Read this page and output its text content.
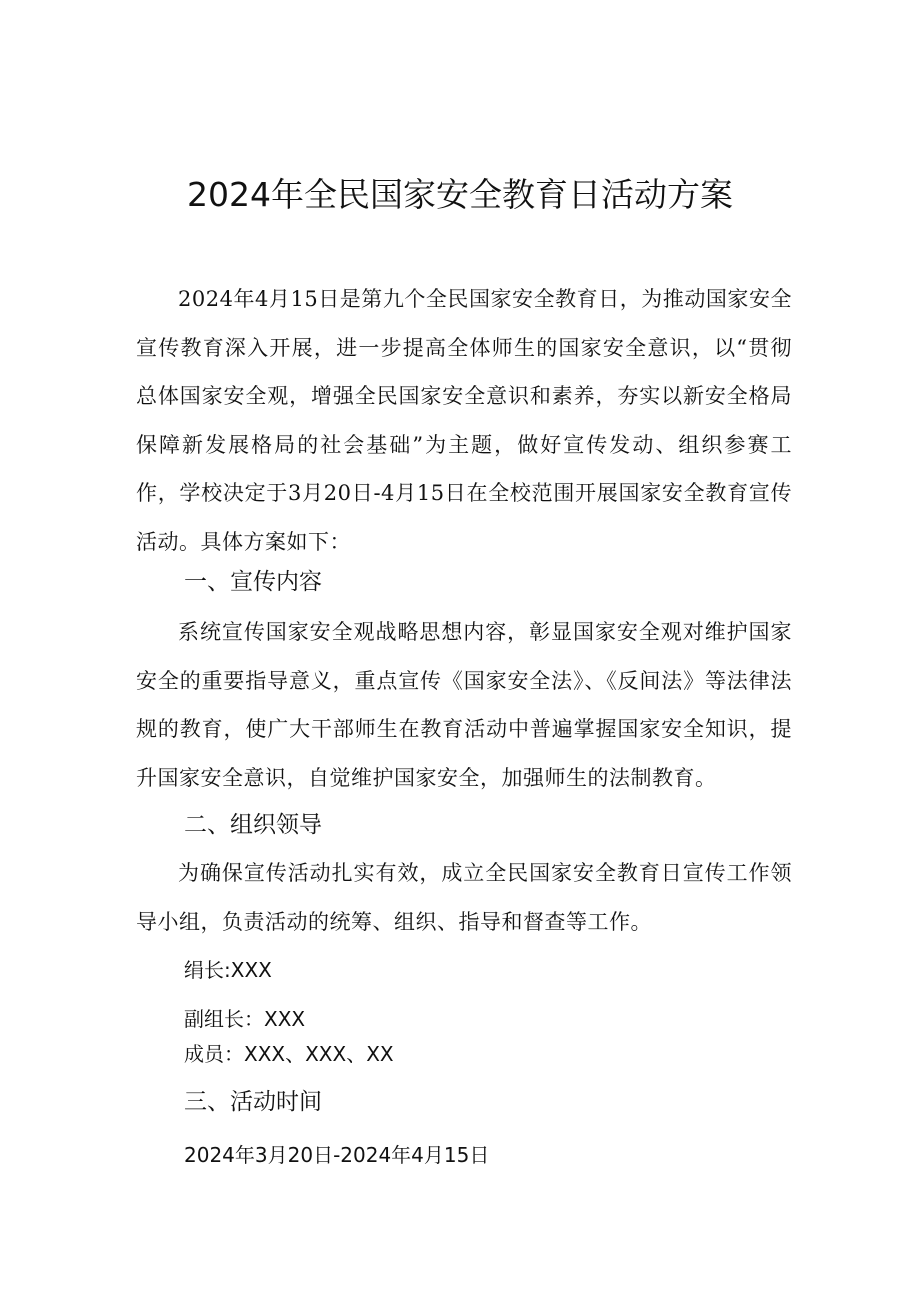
2024年全民国家安全教育日活动方案

2024年4月15日是第九个全民国家安全教育日，为推动国家安全宣传教育深入开展，进一步提高全体师生的国家安全意识，以“贯彻总体国家安全观，增强全民国家安全意识和素养，夯实以新安全格局保障新发展格局的社会基础”为主题，做好宣传发动、组织参赛工作，学校决定于3月20日-4月15日在全校范围开展国家安全教育宣传活动。具体方案如下：

一、宣传内容

系统宣传国家安全观战略思想内容，彰显国家安全观对维护国家安全的重要指导意义，重点宣传《国家安全法》、《反间法》等法律法规的教育，使广大干部师生在教育活动中普遍掌握国家安全知识，提升国家安全意识，自觉维护国家安全，加强师生的法制教育。

二、组织领导

为确保宣传活动扎实有效，成立全民国家安全教育日宣传工作领导小组，负责活动的统筹、组织、指导和督查等工作。

绢长:XXX
副组长：XXX
成员：XXX、XXX、XX
三、活动时间
2024年3月20日-2024年4月15日
